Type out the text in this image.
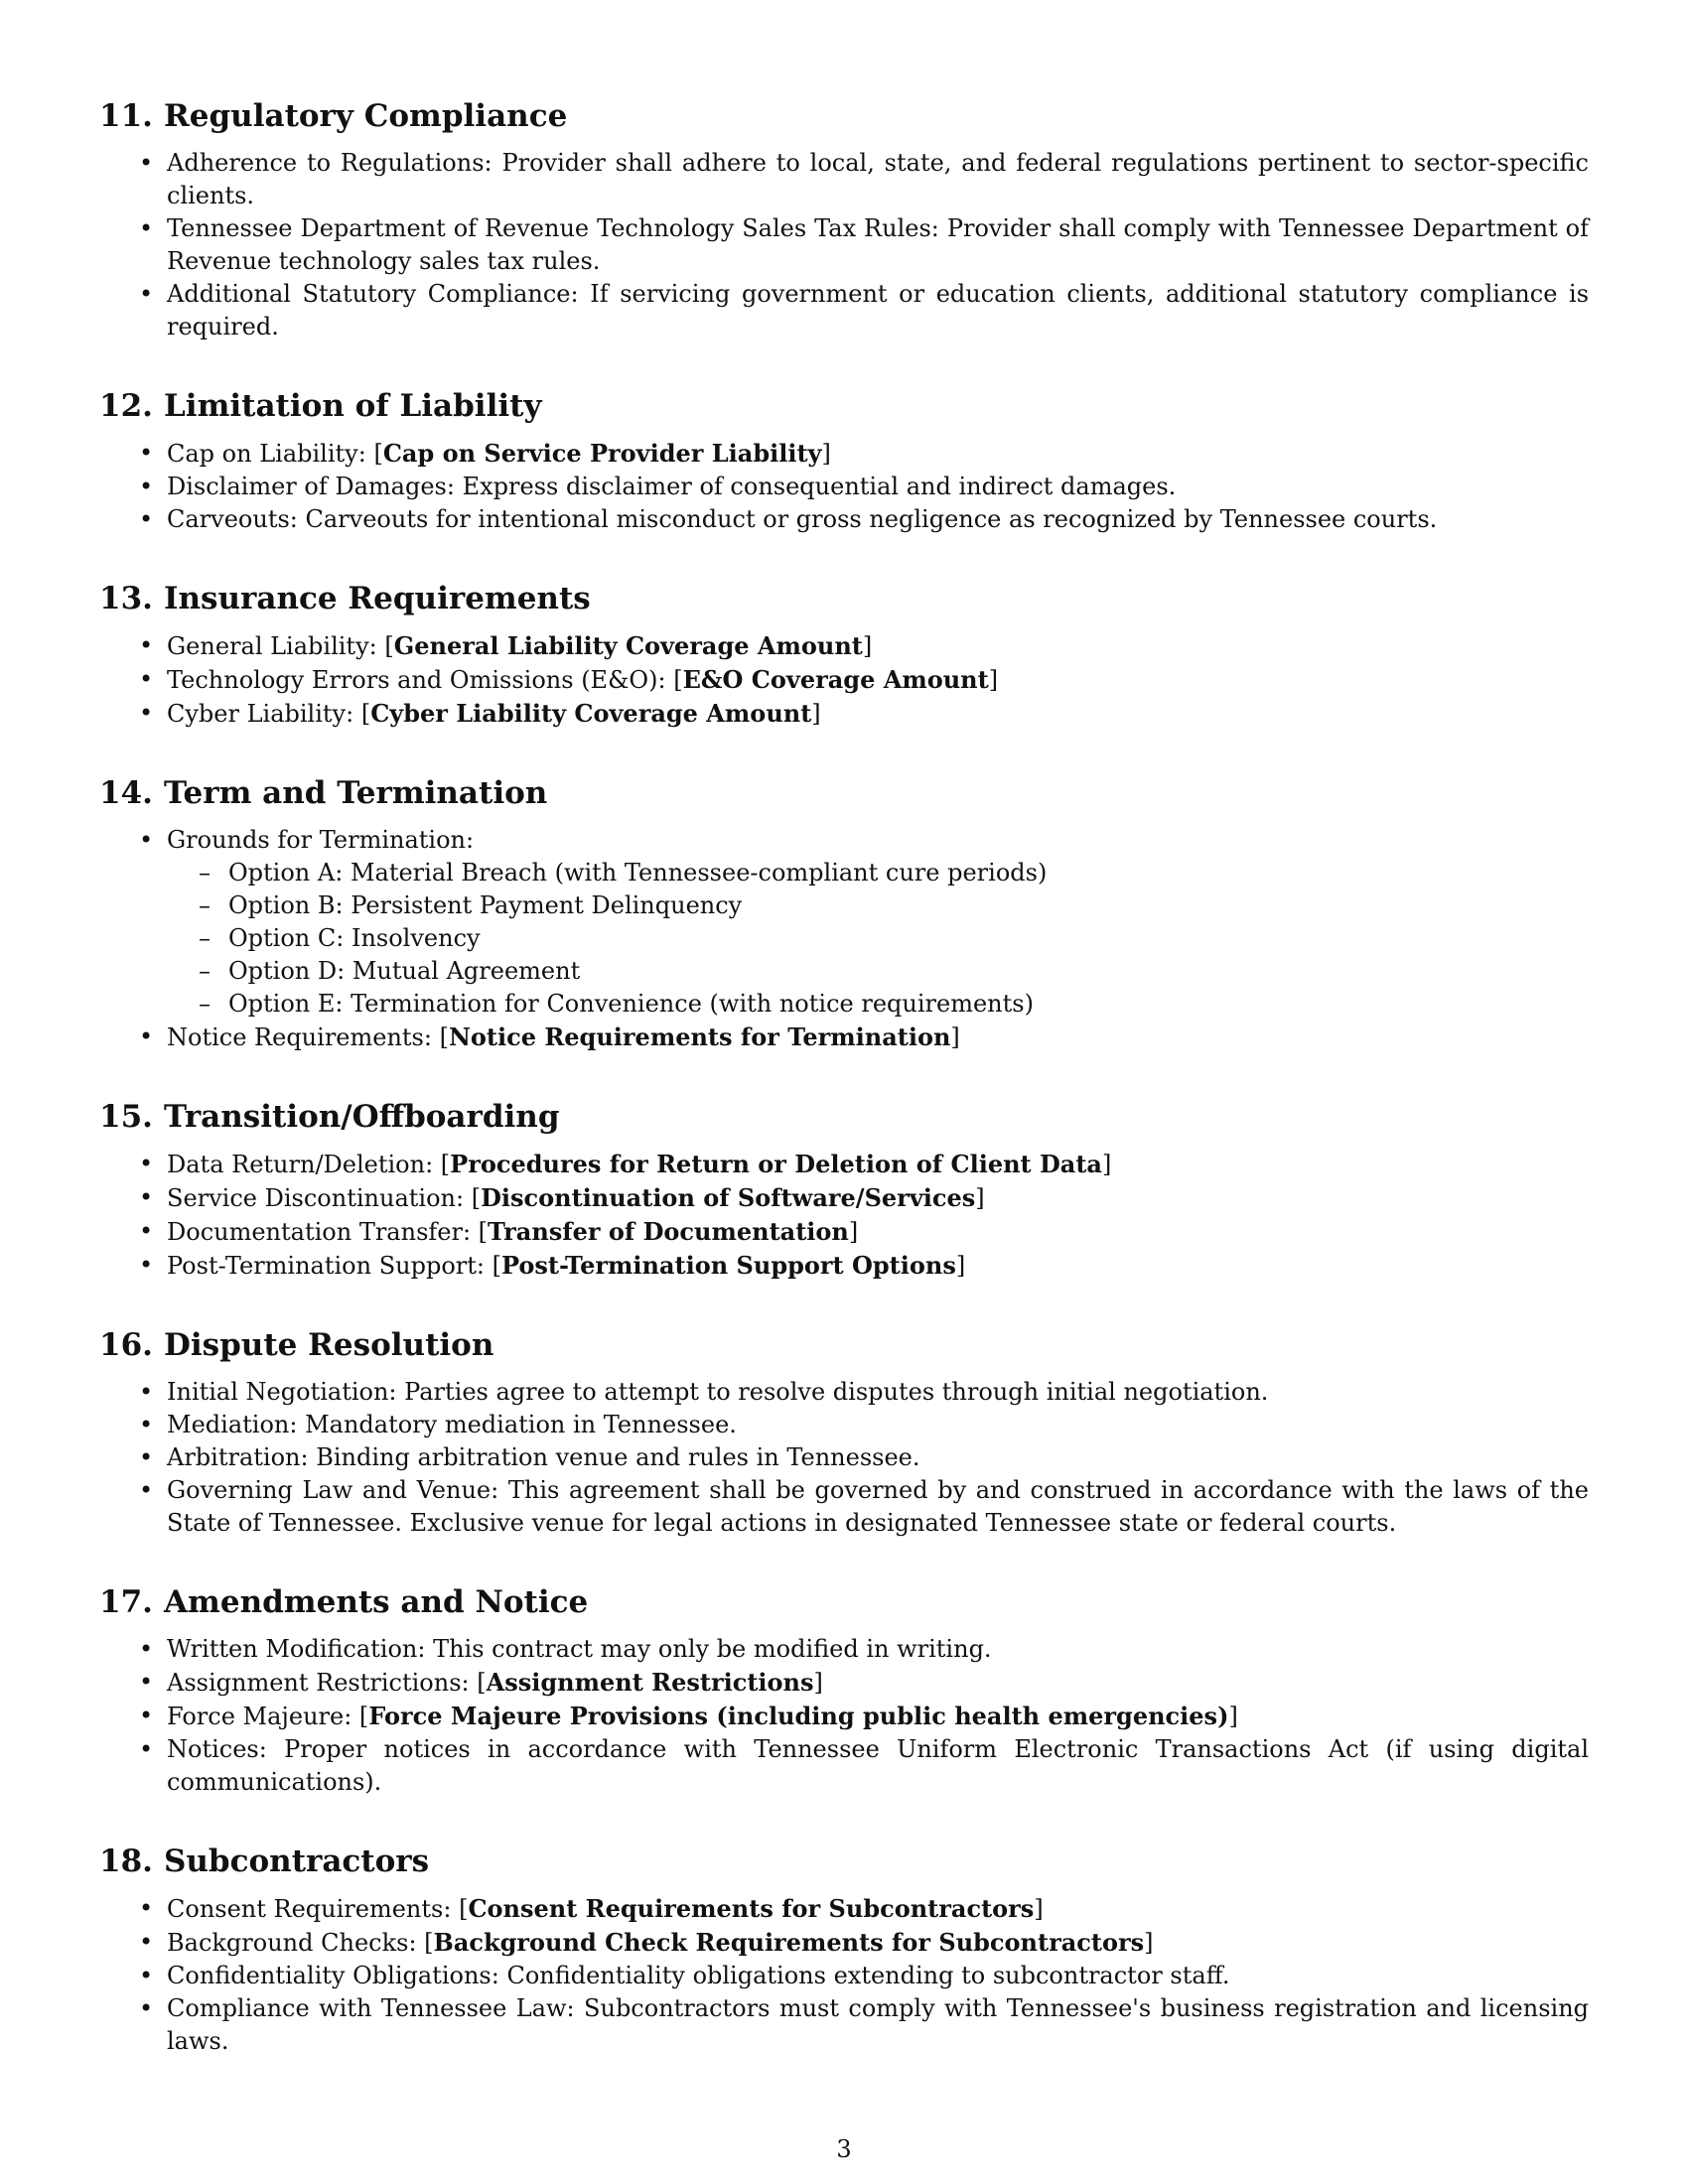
11. Regulatory Compliance
• Adherence to Regulations: Provider shall adhere to local, state, and federal regulations pertinent to sector-specific clients.
• Tennessee Department of Revenue Technology Sales Tax Rules: Provider shall comply with Tennessee Department of Revenue technology sales tax rules.
• Additional Statutory Compliance: If servicing government or education clients, additional statutory compliance is required.
12. Limitation of Liability
• Cap on Liability: [Cap on Service Provider Liability]
• Disclaimer of Damages: Express disclaimer of consequential and indirect damages.
• Carveouts: Carveouts for intentional misconduct or gross negligence as recognized by Tennessee courts.
13. Insurance Requirements
• General Liability: [General Liability Coverage Amount]
• Technology Errors and Omissions (E&O): [E&O Coverage Amount]
• Cyber Liability: [Cyber Liability Coverage Amount]
14. Term and Termination
• Grounds for Termination:
– Option A: Material Breach (with Tennessee-compliant cure periods)
– Option B: Persistent Payment Delinquency
– Option C: Insolvency
– Option D: Mutual Agreement
– Option E: Termination for Convenience (with notice requirements)
• Notice Requirements: [Notice Requirements for Termination]
15. Transition/Offboarding
• Data Return/Deletion: [Procedures for Return or Deletion of Client Data]
• Service Discontinuation: [Discontinuation of Software/Services]
• Documentation Transfer: [Transfer of Documentation]
• Post-Termination Support: [Post-Termination Support Options]
16. Dispute Resolution
• Initial Negotiation: Parties agree to attempt to resolve disputes through initial negotiation.
• Mediation: Mandatory mediation in Tennessee.
• Arbitration: Binding arbitration venue and rules in Tennessee.
• Governing Law and Venue: This agreement shall be governed by and construed in accordance with the laws of the State of Tennessee. Exclusive venue for legal actions in designated Tennessee state or federal courts.
17. Amendments and Notice
• Written Modification: This contract may only be modified in writing.
• Assignment Restrictions: [Assignment Restrictions]
• Force Majeure: [Force Majeure Provisions (including public health emergencies)]
• Notices: Proper notices in accordance with Tennessee Uniform Electronic Transactions Act (if using digital communications).
18. Subcontractors
• Consent Requirements: [Consent Requirements for Subcontractors]
• Background Checks: [Background Check Requirements for Subcontractors]
• Confidentiality Obligations: Confidentiality obligations extending to subcontractor staff.
• Compliance with Tennessee Law: Subcontractors must comply with Tennessee's business registration and licensing laws.
3
